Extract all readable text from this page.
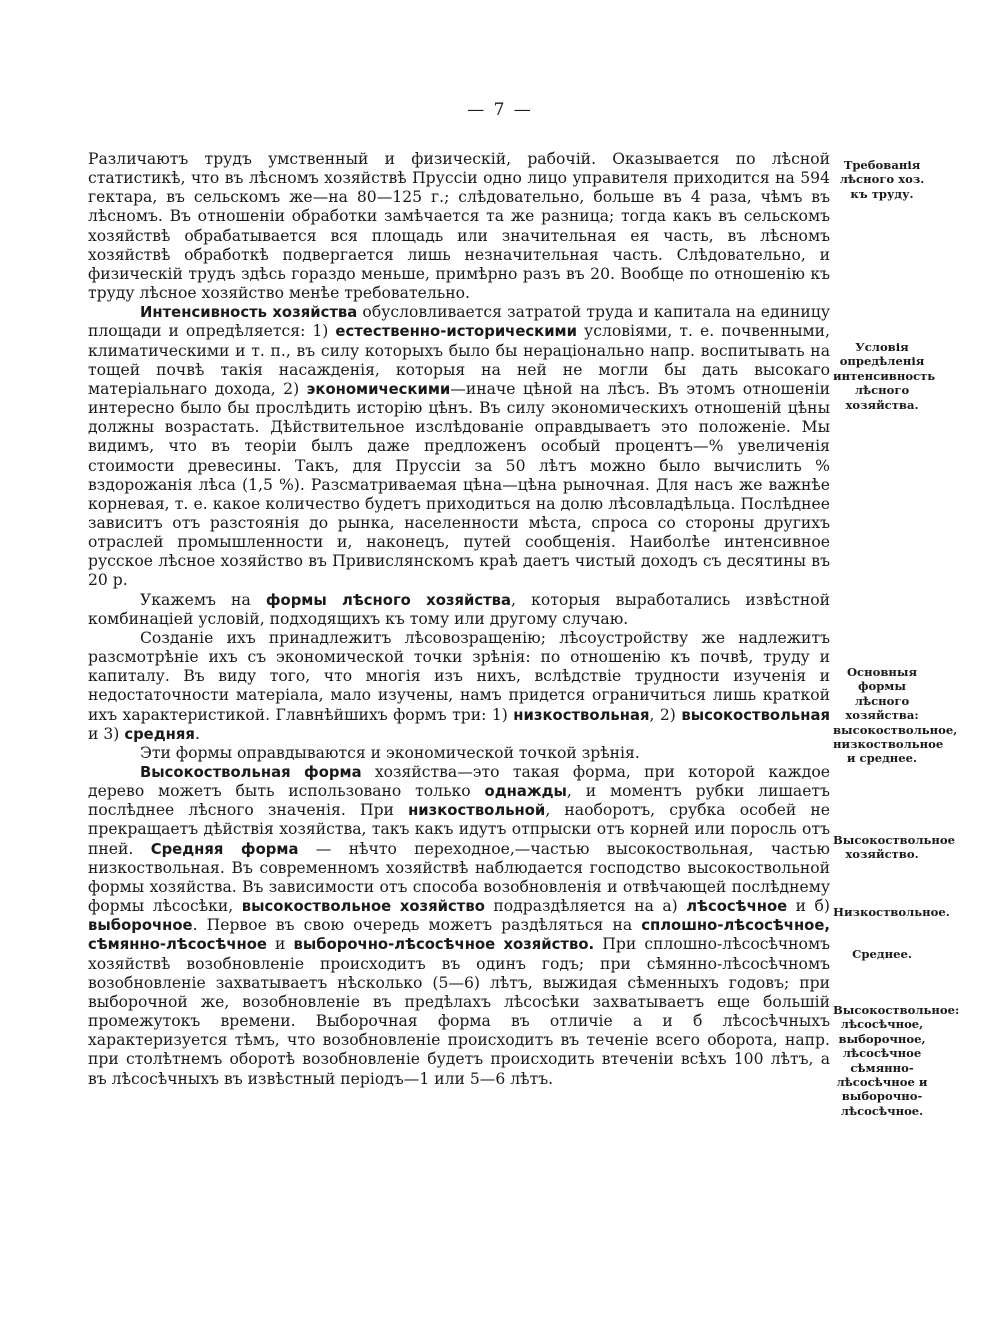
— 7 —

Различаютъ трудъ умственный и физическій, рабочій. Оказывается по лѣсной статистикѣ, что въ лѣсномъ хозяйствѣ Пруссіи одно лицо управителя приходится на 594 гектара, въ сельскомъ же—на 80—125 г.; слѣдовательно, больше въ 4 раза, чѣмъ въ лѣсномъ. Въ отношеніи обработки замѣчается та же разница; тогда какъ въ сельскомъ хозяйствѣ обрабатывается вся площадь или значительная ея часть, въ лѣсномъ хозяйствѣ обработкѣ подвергается лишь незначительная часть. Слѣдовательно, и физическій трудъ здѣсь гораздо меньше, примѣрно разъ въ 20. Вообще по отношенію къ труду лѣсное хозяйство менѣе требовательно.

Интенсивность хозяйства обусловливается затратой труда и капитала на единицу площади и опредѣляется: 1) естественно-историческими условіями, т. е. почвенными, климатическими и т. п., въ силу которыхъ было бы нераціонально напр. воспитывать на тощей почвѣ такія насажденія, которыя на ней не могли бы дать высокаго матеріальнаго дохода, 2) экономическими—иначе цѣной на лѣсъ. Въ этомъ отношеніи интересно было бы прослѣдить исторію цѣнъ. Въ силу экономическихъ отношеній цѣны должны возрастать. Дѣйствительное изслѣдованіе оправдываетъ это положеніе. Мы видимъ, что въ теоріи былъ даже предложенъ особый процентъ—% увеличенія стоимости древесины. Такъ, для Пруссіи за 50 лѣтъ можно было вычислить % вздорожанія лѣса (1,5 %). Разсматриваемая цѣна—цѣна рыночная. Для насъ же важнѣе корневая, т. е. какое количество будетъ приходиться на долю лѣсовладѣльца. Послѣднее зависитъ отъ разстоянія до рынка, населенности мѣста, спроса со стороны другихъ отраслей промышленности и, наконецъ, путей сообщенія. Наиболѣе интенсивное русское лѣсное хозяйство въ Привислянскомъ краѣ даетъ чистый доходъ съ десятины въ 20 р.

Укажемъ на формы лѣсного хозяйства, которыя выработались извѣстной комбинаціей условій, подходящихъ къ тому или другому случаю.

Созданіе ихъ принадлежитъ лѣсовозращенію; лѣсоустройству же надлежитъ разсмотрѣніе ихъ съ экономической точки зрѣнія: по отношенію къ почвѣ, труду и капиталу. Въ виду того, что многія изъ нихъ, вслѣдствіе трудности изученія и недостаточности матеріала, мало изучены, намъ придется ограничиться лишь краткой ихъ характеристикой. Главнѣйшихъ формъ три: 1) низкоствольная, 2) высокоствольная и 3) средняя.

Эти формы оправдываются и экономической точкой зрѣнія.

Высокоствольная форма хозяйства—это такая форма, при которой каждое дерево можетъ быть использовано только однажды, и моментъ рубки лишаетъ послѣднее лѣсного значенія. При низкоствольной, наоборотъ, срубка особей не прекращаетъ дѣйствія хозяйства, такъ какъ идутъ отпрыски отъ корней или поросль отъ пней. Средняя форма — нѣчто переходное,—частью высокоствольная, частью низкоствольная. Въ современномъ хозяйствѣ наблюдается господство высокоствольной формы хозяйства. Въ зависимости отъ способа возобновленія и отвѣчающей послѣднему формы лѣсосѣки, высокоствольное хозяйство подраздѣляется на а) лѣсосѣчное и б) выборочное. Первое въ свою очередь можетъ раздѣляться на сплошно-лѣсосѣчное, сѣмянно-лѣсосѣчное и выборочно-лѣсосѣчное хозяйство. При сплошно-лѣсосѣчномъ хозяйствѣ возобновленіе происходитъ въ одинъ годъ; при сѣмянно-лѣсосѣчномъ возобновленіе захватываетъ нѣсколько (5—6) лѣтъ, выжидая сѣменныхъ годовъ; при выборочной же, возобновленіе въ предѣлахъ лѣсосѣки захватываетъ еще большій промежутокъ времени. Выборочная форма въ отличіе а и б лѣсосѣчныхъ характеризуется тѣмъ, что возобновленіе происходитъ въ теченіе всего оборота, напр. при столѣтнемъ оборотѣ возобновленіе будетъ происходить втеченіи всѣхъ 100 лѣтъ, а въ лѣсосѣчныхъ въ извѣстный періодъ—1 или 5—6 лѣтъ.

Требованія лѣсного хоз. къ труду.
Условія опредѣленія интенсивность лѣсного хозяйства.
Основныя формы лѣсного хозяйства: высокоствольное, низкоствольное и среднее.
Высокоствольное хозяйство.
Низкоствольное.
Среднее.
Высокоствольное: лѣсосѣчное, выборочное, лѣсосѣчное сѣмянно-лѣсосѣчное и выборочно-лѣсосѣчное.
